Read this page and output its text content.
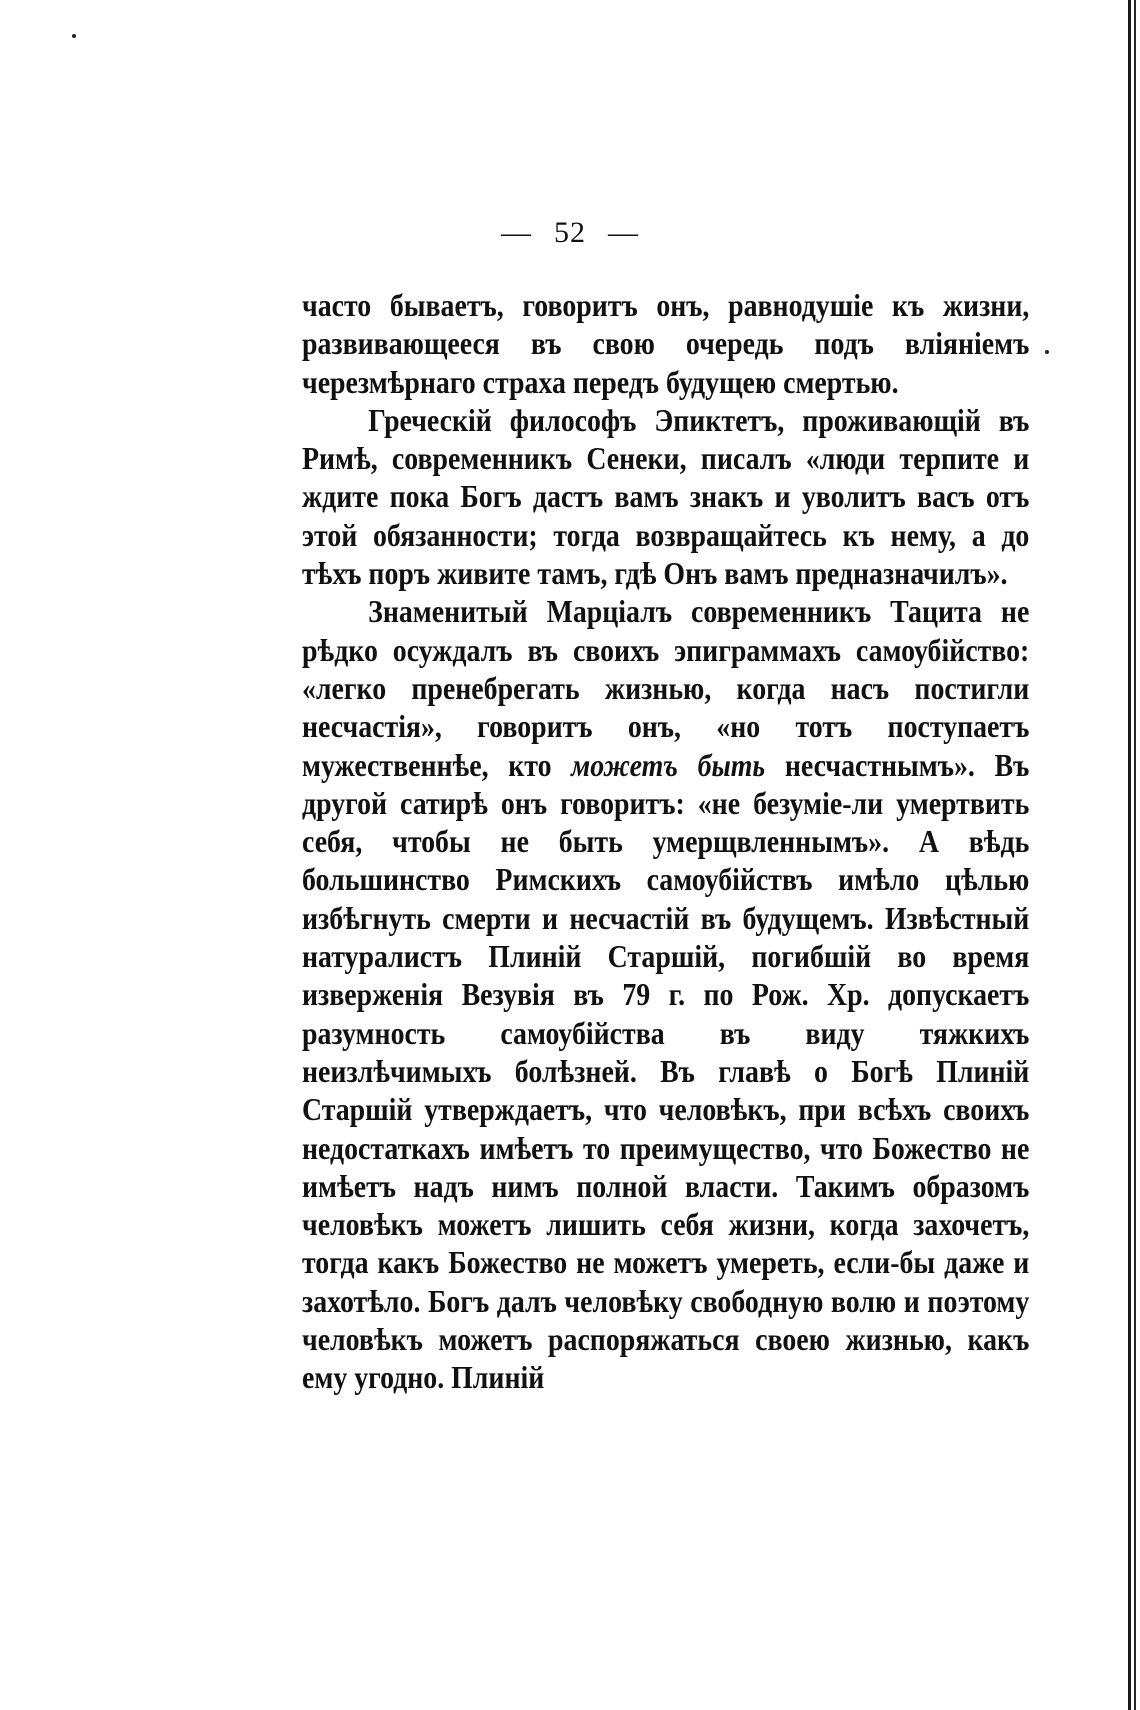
— 52 —

часто бываетъ, говоритъ онъ, равнодушіе къ жизни, развивающееся въ свою очередь подъ вліяніемъ черезмѣрнаго страха передъ будущею смертью.

Греческій философъ Эпиктетъ, проживающій въ Римѣ, современникъ Сенеки, писалъ «люди терпите и ждите пока Богъ дастъ вамъ знакъ и уволитъ васъ отъ этой обязанности; тогда возвращайтесь къ нему, а до тѣхъ поръ живите тамъ, гдѣ Онъ вамъ предназначилъ».

Знаменитый Марціалъ современникъ Тацита не рѣдко осуждалъ въ своихъ эпиграммахъ самоубійство: «легко пренебрегать жизнью, когда насъ постигли несчастія», говоритъ онъ, «но тотъ поступаетъ мужественнѣе, кто можетъ быть несчастнымъ». Въ другой сатирѣ онъ говоритъ: «не безуміе-ли умертвить себя, чтобы не быть умерщвленнымъ». А вѣдь большинство Римскихъ самоубійствъ имѣло цѣлью избѣгнуть смерти и несчастій въ будущемъ. Извѣстный натуралистъ Плиній Старшій, погибшій во время изверженія Везувія въ 79 г. по Рож. Хр. допускаетъ разумность самоубійства въ виду тяжкихъ неизлѣчимыхъ болѣзней. Въ главѣ о Богѣ Плиній Старшій утверждаетъ, что человѣкъ, при всѣхъ своихъ недостаткахъ имѣетъ то преимущество, что Божество не имѣетъ надъ нимъ полной власти. Такимъ образомъ человѣкъ можетъ лишить себя жизни, когда захочетъ, тогда какъ Божество не можетъ умереть, если-бы даже и захотѣло. Богъ далъ человѣку свободную волю и поэтому человѣкъ можетъ распоряжаться своею жизнью, какъ ему угодно. Плиній
